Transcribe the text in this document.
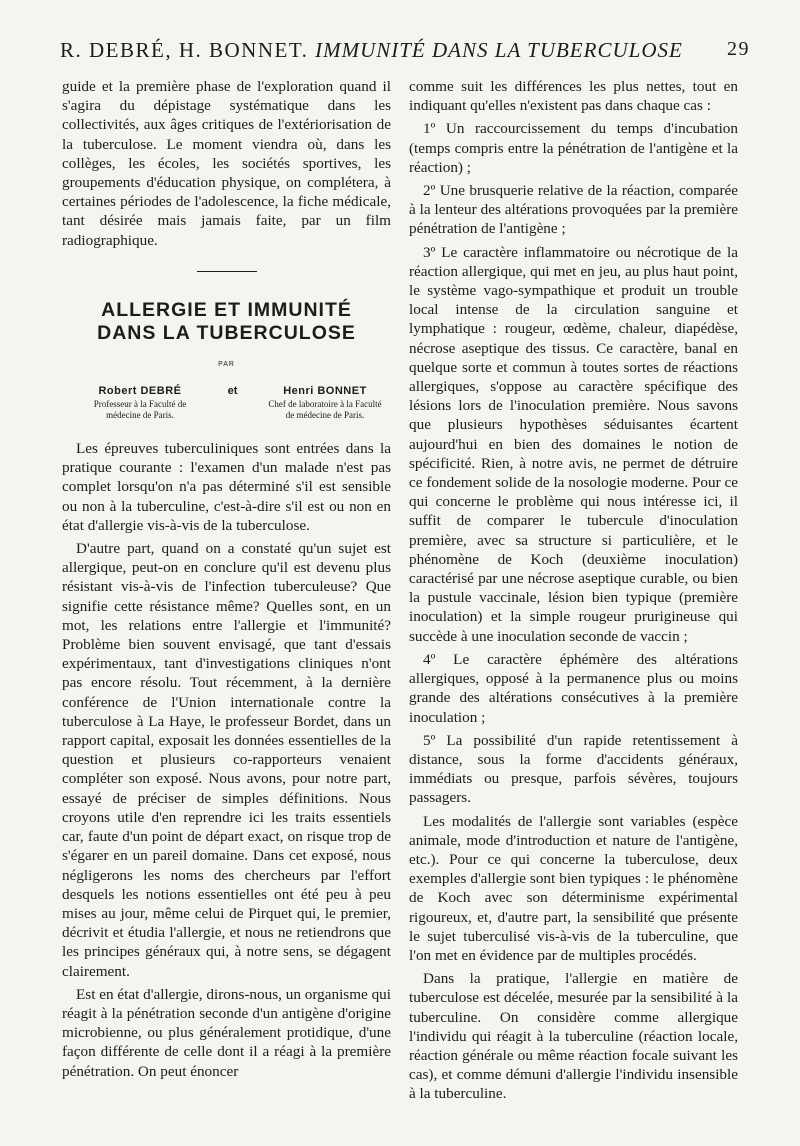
R. DEBRÉ, H. BONNET. IMMUNITÉ DANS LA TUBERCULOSE 29

guide et la première phase de l'exploration quand il s'agira du dépistage systématique dans les collectivités, aux âges critiques de l'extériorisation de la tuberculose. Le moment viendra où, dans les collèges, les écoles, les sociétés sportives, les groupements d'éducation physique, on complétera, à certaines périodes de l'adolescence, la fiche médicale, tant désirée mais jamais faite, par un film radiographique.

ALLERGIE ET IMMUNITÉ
DANS LA TUBERCULOSE
PAR
Robert DEBRÉ
Professeur à la Faculté de médecine de Paris.
et	Henri BONNET
Chef de laboratoire à la Faculté de médecine de Paris.

Les épreuves tuberculiniques sont entrées dans la pratique courante : l'examen d'un malade n'est pas complet lorsqu'on n'a pas déterminé s'il est sensible ou non à la tuberculine, c'est-à-dire s'il est ou non en état d'allergie vis-à-vis de la tuberculose.

D'autre part, quand on a constaté qu'un sujet est allergique, peut-on en conclure qu'il est devenu plus résistant vis-à-vis de l'infection tuberculeuse? Que signifie cette résistance même? Quelles sont, en un mot, les relations entre l'allergie et l'immunité? Problème bien souvent envisagé, que tant d'essais expérimentaux, tant d'investigations cliniques n'ont pas encore résolu. Tout récemment, à la dernière conférence de l'Union internationale contre la tuberculose à La Haye, le professeur Bordet, dans un rapport capital, exposait les données essentielles de la question et plusieurs co-rapporteurs venaient compléter son exposé. Nous avons, pour notre part, essayé de préciser de simples définitions. Nous croyons utile d'en reprendre ici les traits essentiels car, faute d'un point de départ exact, on risque trop de s'égarer en un pareil domaine. Dans cet exposé, nous négligerons les noms des chercheurs par l'effort desquels les notions essentielles ont été peu à peu mises au jour, même celui de Pirquet qui, le premier, décrivit et étudia l'allergie, et nous ne retiendrons que les principes généraux qui, à notre sens, se dégagent clairement.

Est en état d'allergie, dirons-nous, un organisme qui réagit à la pénétration seconde d'un antigène d'origine microbienne, ou plus généralement protidique, d'une façon différente de celle dont il a réagi à la première pénétration. On peut énoncer

comme suit les différences les plus nettes, tout en indiquant qu'elles n'existent pas dans chaque cas :

1º Un raccourcissement du temps d'incubation (temps compris entre la pénétration de l'antigène et la réaction) ;

2º Une brusquerie relative de la réaction, comparée à la lenteur des altérations provoquées par la première pénétration de l'antigène ;

3º Le caractère inflammatoire ou nécrotique de la réaction allergique, qui met en jeu, au plus haut point, le système vago-sympathique et produit un trouble local intense de la circulation sanguine et lymphatique : rougeur, œdème, chaleur, diapédèse, nécrose aseptique des tissus. Ce caractère, banal en quelque sorte et commun à toutes sortes de réactions allergiques, s'oppose au caractère spécifique des lésions lors de l'inoculation première. Nous savons que plusieurs hypothèses séduisantes écartent aujourd'hui en bien des domaines le notion de spécificité. Rien, à notre avis, ne permet de détruire ce fondement solide de la nosologie moderne. Pour ce qui concerne le problème qui nous intéresse ici, il suffit de comparer le tubercule d'inoculation première, avec sa structure si particulière, et le phénomène de Koch (deuxième inoculation) caractérisé par une nécrose aseptique curable, ou bien la pustule vaccinale, lésion bien typique (première inoculation) et la simple rougeur prurigineuse qui succède à une inoculation seconde de vaccin ;

4º Le caractère éphémère des altérations allergiques, opposé à la permanence plus ou moins grande des altérations consécutives à la première inoculation ;

5º La possibilité d'un rapide retentissement à distance, sous la forme d'accidents généraux, immédiats ou presque, parfois sévères, toujours passagers.

Les modalités de l'allergie sont variables (espèce animale, mode d'introduction et nature de l'antigène, etc.). Pour ce qui concerne la tuberculose, deux exemples d'allergie sont bien typiques : le phénomène de Koch avec son déterminisme expérimental rigoureux, et, d'autre part, la sensibilité que présente le sujet tuberculisé vis-à-vis de la tuberculine, que l'on met en évidence par de multiples procédés.

Dans la pratique, l'allergie en matière de tuberculose est décelée, mesurée par la sensibilité à la tuberculine. On considère comme allergique l'individu qui réagit à la tuberculine (réaction locale, réaction générale ou même réaction focale suivant les cas), et comme démuni d'allergie l'individu insensible à la tuberculine.
